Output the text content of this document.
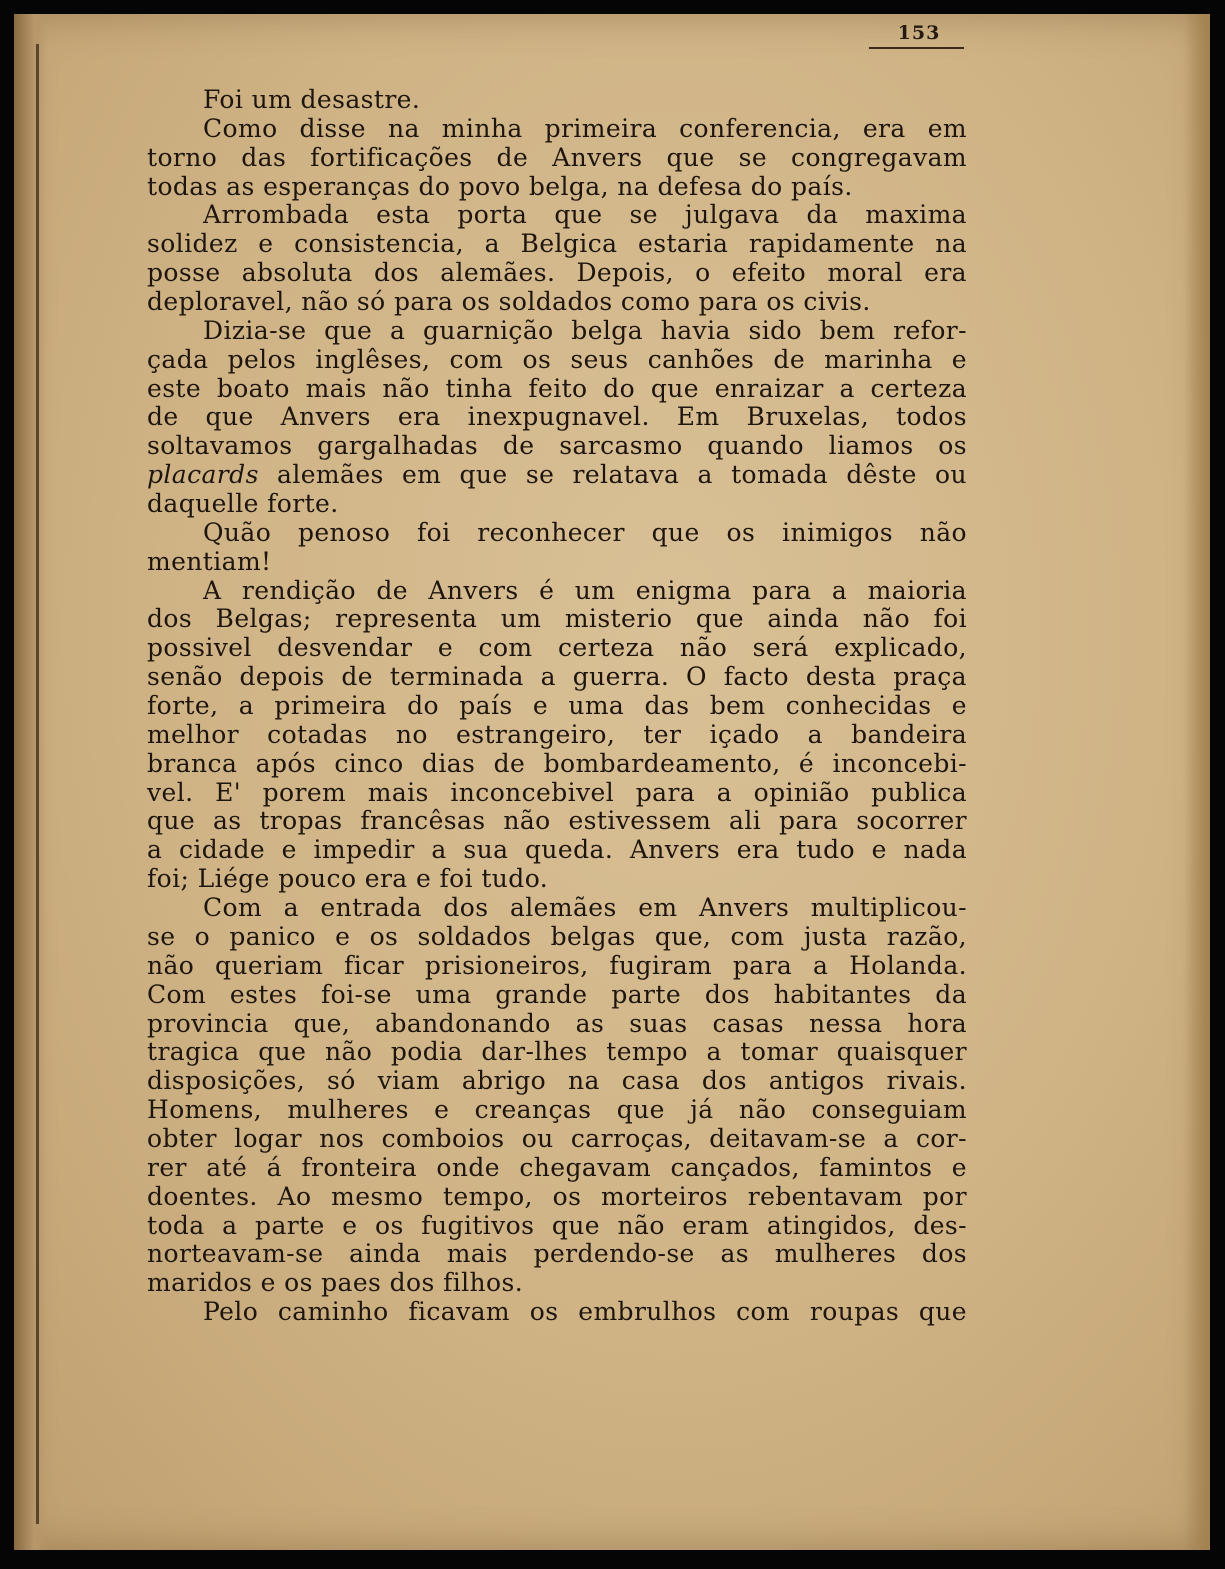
153
Foi um desastre.
Como disse na minha primeira conferencia, era em
torno das fortificações de Anvers que se congregavam
todas as esperanças do povo belga, na defesa do país.
Arrombada esta porta que se julgava da maxima
solidez e consistencia, a Belgica estaria rapidamente na
posse absoluta dos alemães. Depois, o efeito moral era
deploravel, não só para os soldados como para os civis.
Dizia-se que a guarnição belga havia sido bem refor-
çada pelos inglêses, com os seus canhões de marinha e
este boato mais não tinha feito do que enraizar a certeza
de que Anvers era inexpugnavel. Em Bruxelas, todos
soltavamos gargalhadas de sarcasmo quando liamos os
placards alemães em que se relatava a tomada dêste ou
daquelle forte.
Quão penoso foi reconhecer que os inimigos não
mentiam!
A rendição de Anvers é um enigma para a maioria
dos Belgas; representa um misterio que ainda não foi
possivel desvendar e com certeza não será explicado,
senão depois de terminada a guerra. O facto desta praça
forte, a primeira do país e uma das bem conhecidas e
melhor cotadas no estrangeiro, ter içado a bandeira
branca após cinco dias de bombardeamento, é inconcebi-
vel. E' porem mais inconcebivel para a opinião publica
que as tropas francêsas não estivessem ali para socorrer
a cidade e impedir a sua queda. Anvers era tudo e nada
foi; Liége pouco era e foi tudo.
Com a entrada dos alemães em Anvers multiplicou-
se o panico e os soldados belgas que, com justa razão,
não queriam ficar prisioneiros, fugiram para a Holanda.
Com estes foi-se uma grande parte dos habitantes da
provincia que, abandonando as suas casas nessa hora
tragica que não podia dar-lhes tempo a tomar quaisquer
disposições, só viam abrigo na casa dos antigos rivais.
Homens, mulheres e creanças que já não conseguiam
obter logar nos comboios ou carroças, deitavam-se a cor-
rer até á fronteira onde chegavam cançados, famintos e
doentes. Ao mesmo tempo, os morteiros rebentavam por
toda a parte e os fugitivos que não eram atingidos, des-
norteavam-se ainda mais perdendo-se as mulheres dos
maridos e os paes dos filhos.
Pelo caminho ficavam os embrulhos com roupas que
